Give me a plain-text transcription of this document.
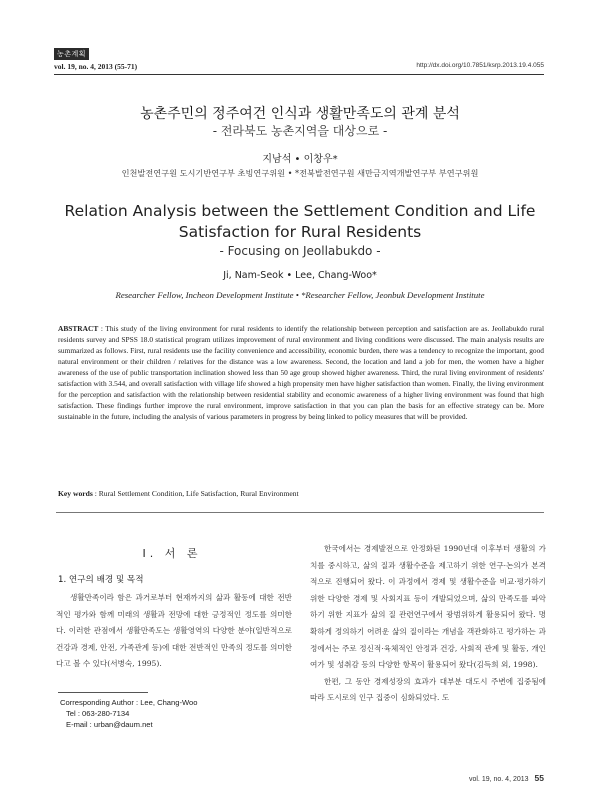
농촌계획
vol. 19, no. 4, 2013 (55-71)	http://dx.doi.org/10.7851/ksrp.2013.19.4.055
농촌주민의 정주여건 인식과 생활만족도의 관계 분석
- 전라북도 농촌지역을 대상으로 -
지남석 • 이창우*
인천발전연구원 도시기반연구부 초빙연구위원 • *전북발전연구원 새만금지역개발연구부 부연구위원
Relation Analysis between the Settlement Condition and Life
Satisfaction for Rural Residents
- Focusing on Jeollabukdo -
Ji, Nam-Seok • Lee, Chang-Woo*
Researcher Fellow, Incheon Development Institute • *Researcher Fellow, Jeonbuk Development Institute
ABSTRACT : This study of the living environment for rural residents to identify the relationship between perception and satisfaction are as. Jeollabukdo rural residents survey and SPSS 18.0 statistical program utilizes improvement of rural environment and living conditions were discussed. The main analysis results are summarized as follows. First, rural residents use the facility convenience and accessibility, economic burden, there was a tendency to recognize the important, good natural environment or their children / relatives for the distance was a low awareness. Second, the location and land a job for men, the women have a higher awareness of the use of public transportation inclination showed less than 50 age group showed higher awareness. Third, the rural living environment of residents' satisfaction with 3.544, and overall satisfaction with village life showed a high propensity men have higher satisfaction than women. Finally, the living environment for the perception and satisfaction with the relationship between residential stability and economic awareness of a higher living environment was found that high satisfaction. These findings further improve the rural environment, improve satisfaction in that you can plan the basis for an effective strategy can be. More sustainable in the future, including the analysis of various parameters in progress by being linked to policy measures that will be provided.
Key words : Rural Settlement Condition, Life Satisfaction, Rural Environment
I. 서 론
1. 연구의 배경 및 목적

생활만족이라 함은 과거로부터 현재까지의 삶과 활동에 대한 전반적인 평가와 함께 미래의 생활과 전망에 대한 긍정적인 정도를 의미한다. 이러한 관점에서 생활만족도는 생활영역의 다양한 분야(일반적으로 건강과 경제, 안전, 가족관계 등)에 대한 전반적인 만족의 정도를 의미한다고 볼 수 있다(서병숙, 1995).

한국에서는 경제발전으로 안정화된 1990년대 이후부터 생활의 가치를 중시하고, 삶의 질과 생활수준을 제고하기 위한 연구·논의가 본격적으로 진행되어 왔다. 이 과정에서 경제 및 생활수준을 비교·평가하기 위한 다양한 경제 및 사회지표 등이 개발되었으며, 삶의 만족도를 파악하기 위한 지표가 삶의 질 관련연구에서 광범위하게 활용되어 왔다. 명확하게 정의하기 어려운 삶의 질이라는 개념을 객관화하고 평가하는 과정에서는 주로 정신적·육체적인 안정과 건강, 사회적 관계 및 활동, 개인 여가 및 성취감 등의 다양한 항목이 활용되어 왔다(김득희 외, 1998).

한편, 그 동안 경제성장의 효과가 대부분 대도시 주변에 집중됨에 따라 도시로의 인구 집중이 심화되었다. 도

Corresponding Author : Lee, Chang-Woo
Tel : 063-280-7134
E-mail : urban@daum.net
vol. 19, no. 4, 2013 55
